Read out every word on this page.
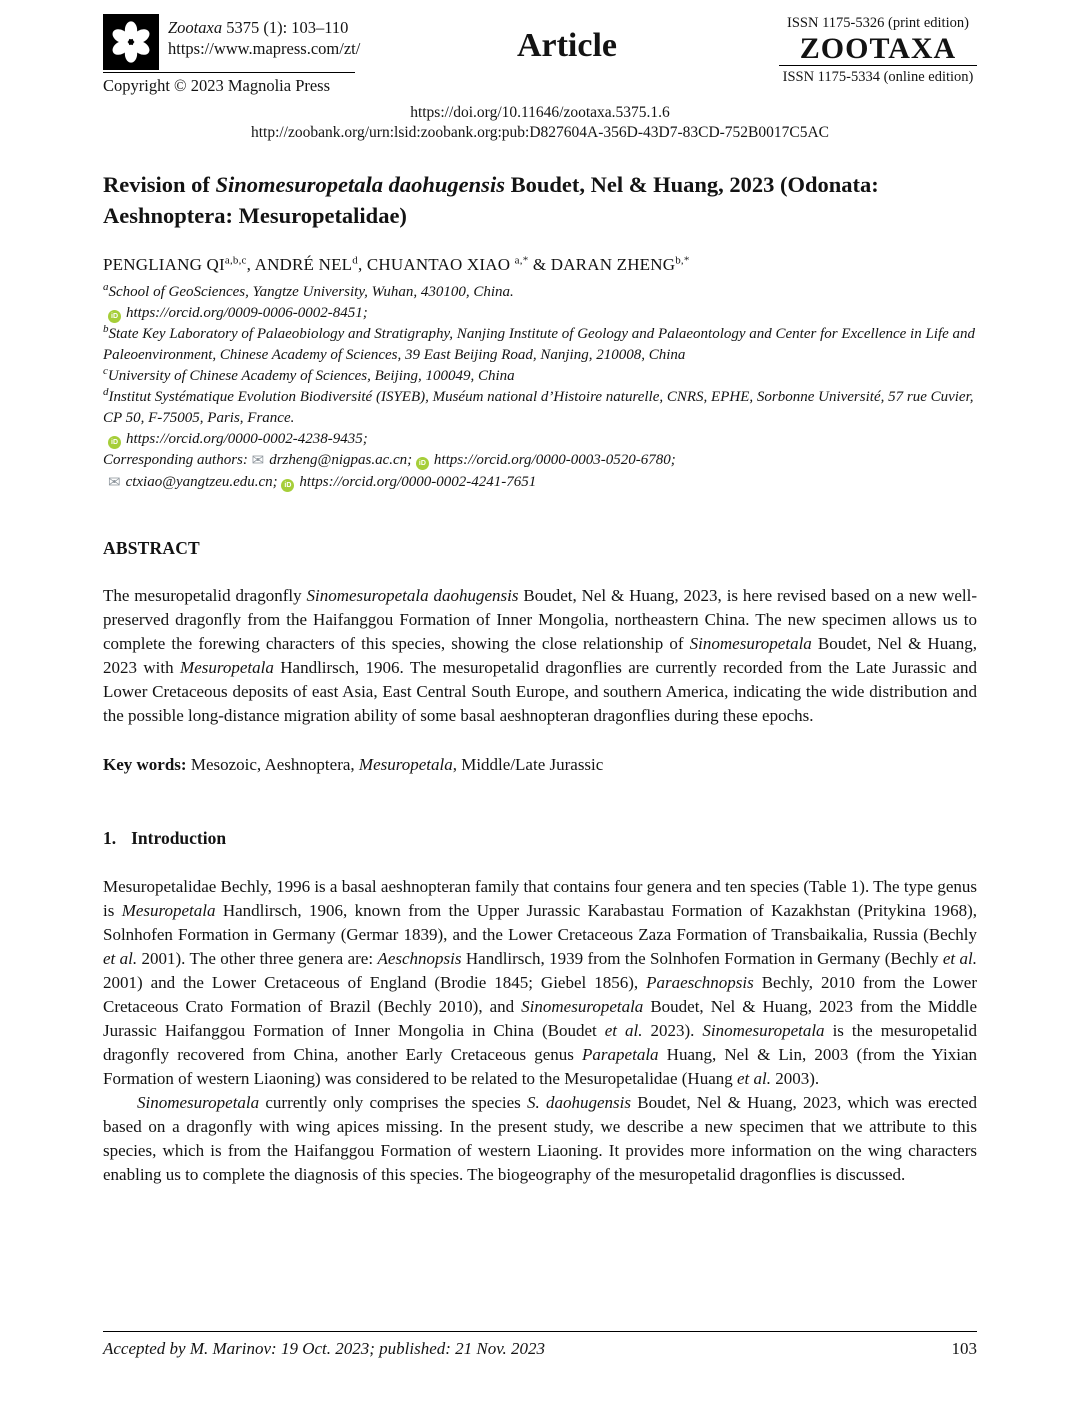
Zootaxa 5375 (1): 103–110
https://www.mapress.com/zt/
Copyright © 2023 Magnolia Press
Article
ISSN 1175-5326 (print edition)
ZOOTAXA
ISSN 1175-5334 (online edition)
https://doi.org/10.11646/zootaxa.5375.1.6
http://zoobank.org/urn:lsid:zoobank.org:pub:D827604A-356D-43D7-83CD-752B0017C5AC
Revision of Sinomesuropetala daohugensis Boudet, Nel & Huang, 2023 (Odonata: Aeshnoptera: Mesuropetalidae)
PENGLIANG QI$^{a,b,c}$, ANDRÉ NEL$^d$, CHUANTAO XIAO $^{a,*}$ & DARAN $ZHENG^{b,*}$
$^a$School of GeoSciences, Yangtze University, Wuhan, 430100, China.
iD https://orcid.org/0009-0006-0002-8451;
$^b$State Key Laboratory of Palaeobiology and Stratigraphy, Nanjing Institute of Geology and Palaeontology and Center for Excellence in Life and Paleoenvironment, Chinese Academy of Sciences, 39 East Beijing Road, Nanjing, 210008, China
$^c$University of Chinese Academy of Sciences, Beijing, 100049, China
$^d$Institut Systématique Evolution Biodiversité (ISYEB), Muséum national d’Histoire naturelle, CNRS, EPHE, Sorbonne Université, 57 rue Cuvier, CP 50, F-75005, Paris, France.
iD https://orcid.org/0000-0002-4238-9435;
Corresponding authors: ✉ drzheng@nigpas.ac.cn; iD https://orcid.org/0000-0003-0520-6780;
✉ ctxiao@yangtzeu.edu.cn; iD https://orcid.org/0000-0002-4241-7651
ABSTRACT

The mesuropetalid dragonfly Sinomesuropetala daohugensis Boudet, Nel & Huang, 2023, is here revised based on a new well-preserved dragonfly from the Haifanggou Formation of Inner Mongolia, northeastern China. The new specimen allows us to complete the forewing characters of this species, showing the close relationship of Sinomesuropetala Boudet, Nel & Huang, 2023 with Mesuropetala Handlirsch, 1906. The mesuropetalid dragonflies are currently recorded from the Late Jurassic and Lower Cretaceous deposits of east Asia, East Central South Europe, and southern America, indicating the wide distribution and the possible long-distance migration ability of some basal aeshnopteran dragonflies during these epochs.

Key words: Mesozoic, Aeshnoptera, Mesuropetala, Middle/Late Jurassic

1. Introduction

Mesuropetalidae Bechly, 1996 is a basal aeshnopteran family that contains four genera and ten species (Table 1). The type genus is Mesuropetala Handlirsch, 1906, known from the Upper Jurassic Karabastau Formation of Kazakhstan (Pritykina 1968), Solnhofen Formation in Germany (Germar 1839), and the Lower Cretaceous Zaza Formation of Transbaikalia, Russia (Bechly et al. 2001). The other three genera are: Aeschnopsis Handlirsch, 1939 from the Solnhofen Formation in Germany (Bechly et al. 2001) and the Lower Cretaceous of England (Brodie 1845; Giebel 1856), Paraeschnopsis Bechly, 2010 from the Lower Cretaceous Crato Formation of Brazil (Bechly 2010), and Sinomesuropetala Boudet, Nel & Huang, 2023 from the Middle Jurassic Haifanggou Formation of Inner Mongolia in China (Boudet et al. 2023). Sinomesuropetala is the mesuropetalid dragonfly recovered from China, another Early Cretaceous genus Parapetala Huang, Nel & Lin, 2003 (from the Yixian Formation of western Liaoning) was considered to be related to the Mesuropetalidae (Huang et al. 2003).

Sinomesuropetala currently only comprises the species S. daohugensis Boudet, Nel & Huang, 2023, which was erected based on a dragonfly with wing apices missing. In the present study, we describe a new specimen that we attribute to this species, which is from the Haifanggou Formation of western Liaoning. It provides more information on the wing characters enabling us to complete the diagnosis of this species. The biogeography of the mesuropetalid dragonflies is discussed.

Accepted by M. Marinov: 19 Oct. 2023; published: 21 Nov. 2023	103
